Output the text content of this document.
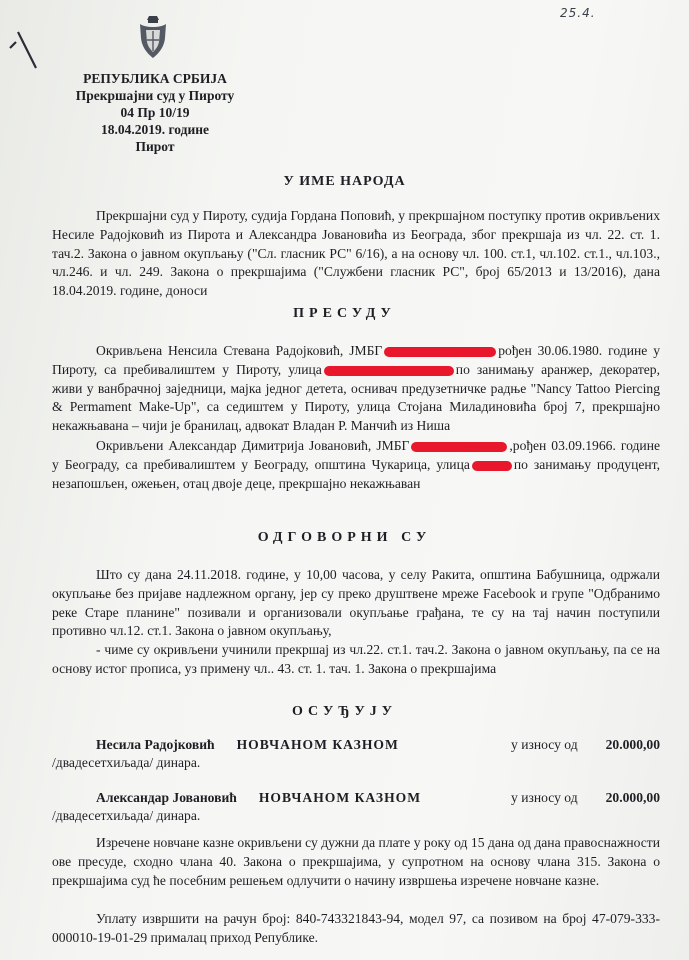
25.4.
РЕПУБЛИКА СРБИЈА
Прекршајни суд у Пироту
04 Пр 10/19
18.04.2019. године
Пирот
У ИМЕ НАРОДА

Прекршајни суд у Пироту, судија Гордана Поповић, у прекршајном поступку против окривљених Несиле Радојковић из Пирота и Александра Јовановића из Београда, због прекршаја из чл. 22. ст. 1. тач.2. Закона о јавном окупљању ("Сл. гласник РС" 6/16), а на основу чл. 100. ст.1, чл.102. ст.1., чл.103., чл.246. и чл. 249. Закона о прекршајима ("Службени гласник РС", број 65/2013 и 13/2016), дана 18.04.2019. године, доноси

ПРЕСУДУ

Окривљена Ненсила Стевана Радојковић, ЈМБГ	рођен 30.06.1980. године у Пироту, са пребивалиштем у Пироту, улица	по занимању аранжер, декоратер, живи у ванбрачној заједници, мајка једног детета, оснивач предузетничке радње "Nancy Tattoo Piercing & Permament Make-Up", са седиштем у Пироту, улица Стојана Миладиновића број 7, прекршајно некажњавана – чији је бранилац, адвокат Владан Р. Манчић из Ниша

Окривљени Александар Димитрија Јовановић, ЈМБГ	,рођен 03.09.1966. године у Београду, са пребивалиштем у Београду, општина Чукарица, улица	по занимању продуцент, незапошљен, ожењен, отац двоје деце, прекршајно некажњаван

ОДГОВОРНИ СУ

Што су дана 24.11.2018. године, у 10,00 часова, у селу Ракита, општина Бабушница, одржали окупљање без пријаве надлежном органу, јер су преко друштвене мреже Facebook и групе "Одбранимо реке Старе планине" позивали и организовали окупљање грађана, те су на тај начин поступили противно чл.12. ст.1. Закона о јавном окупљању,
- чиме су окривљени учинили прекршај из чл.22. ст.1. тач.2. Закона о јавном окупљању, па се на основу истог прописа, уз примену чл.. 43. ст. 1. тач. 1. Закона о прекршајима

ОСУЂУЈУ
Несила Радојковић НОВЧАНОМ КАЗНОМ	у износу од 20.000,00
/двадесетхиљада/ динара.
Александар Јовановић НОВЧАНОМ КАЗНОМ	у износу од 20.000,00
/двадесетхиљада/ динара.

Изречене новчане казне окривљени су дужни да плате у року од 15 дана од дана правоснажности ове пресуде, сходно члана 40. Закона о прекршајима, у супротном на основу члана 315. Закона о прекршајима суд ће посебним решењем одлучити о начину извршења изречене новчане казне.

Уплату извршити на рачун број: 840-743321843-94, модел 97, са позивом на број 47-079-333-000010-19-01-29 прималац приход Републике.
